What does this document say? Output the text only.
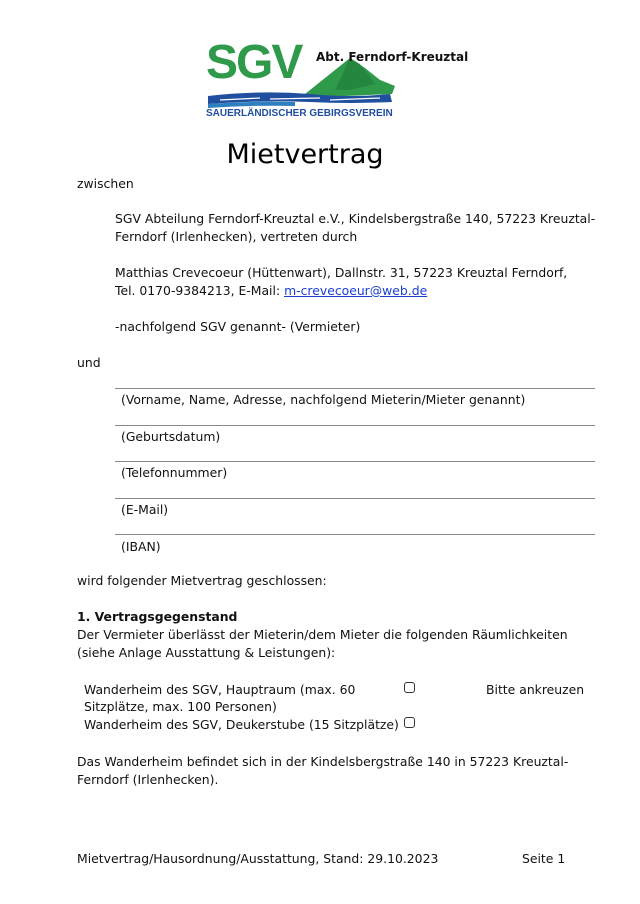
SGV Abt. Ferndorf-Kreuztal
SAUERLÄNDISCHER GEBIRGSVEREIN
Mietvertrag
zwischen
SGV Abteilung Ferndorf-Kreuztal e.V., Kindelsbergstraße 140, 57223 Kreuztal-
Ferndorf (Irlenhecken), vertreten durch
Matthias Crevecoeur (Hüttenwart), Dallnstr. 31, 57223 Kreuztal Ferndorf,
Tel. 0170-9384213, E-Mail: m-crevecoeur@web.de
-nachfolgend SGV genannt- (Vermieter)
und
(Vorname, Name, Adresse, nachfolgend Mieterin/Mieter genannt)
(Geburtsdatum)
(Telefonnummer)
(E-Mail)
(IBAN)
wird folgender Mietvertrag geschlossen:
1. Vertragsgegenstand
Der Vermieter überlässt der Mieterin/dem Mieter die folgenden Räumlichkeiten
(siehe Anlage Ausstattung & Leistungen):
Wanderheim des SGV, Hauptraum (max. 60
Sitzplätze, max. 100 Personen)
Bitte ankreuzen
Wanderheim des SGV, Deukerstube (15 Sitzplätze)
Das Wanderheim befindet sich in der Kindelsbergstraße 140 in 57223 Kreuztal-
Ferndorf (Irlenhecken).
Mietvertrag/Hausordnung/Ausstattung, Stand: 29.10.2023	Seite 1
